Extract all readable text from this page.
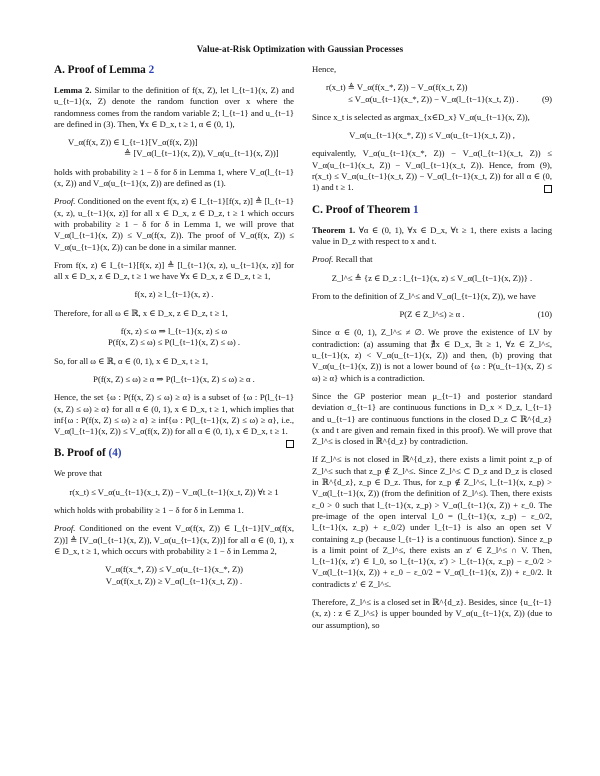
Value-at-Risk Optimization with Gaussian Processes
A. Proof of Lemma 2

Lemma 2. Similar to the definition of f(x, Z), let l_{t−1}(x, Z) and u_{t−1}(x, Z) denote the random function over x where the randomness comes from the random variable Z; l_{t−1} and u_{t−1} are defined in (3). Then, ∀x ∈ D_x, t ≥ 1, α ∈ (0, 1),

V_α(f(x, Z)) ∈ I_{t−1}[V_α(f(x, Z))]
≜ [V_α(l_{t−1}(x, Z)), V_α(u_{t−1}(x, Z))]

holds with probability ≥ 1 − δ for δ in Lemma 1, where V_α(l_{t−1}(x, Z)) and V_α(u_{t−1}(x, Z)) are defined as (1).

Proof. Conditioned on the event f(x, z) ∈ I_{t−1}[f(x, z)] ≜ [l_{t−1}(x, z), u_{t−1}(x, z)] for all x ∈ D_x, z ∈ D_z, t ≥ 1 which occurs with probability ≥ 1 − δ for δ in Lemma 1, we will prove that V_α(l_{t−1}(x, Z)) ≤ V_α(f(x, Z)). The proof of V_α(f(x, Z)) ≤ V_α(u_{t−1}(x, Z)) can be done in a similar manner.

From f(x, z) ∈ I_{t−1}[f(x, z)] ≜ [l_{t−1}(x, z), u_{t−1}(x, z)] for all x ∈ D_x, z ∈ D_z, t ≥ 1 we have ∀x ∈ D_x, z ∈ D_z, t ≥ 1,

f(x, z) ≥ l_{t−1}(x, z) .

Therefore, for all ω ∈ ℝ, x ∈ D_x, z ∈ D_z, t ≥ 1,

f(x, z) ≤ ω ⇒ l_{t−1}(x, z) ≤ ω
P(f(x, Z) ≤ ω) ≤ P(l_{t−1}(x, Z) ≤ ω) .

So, for all ω ∈ ℝ, α ∈ (0, 1), x ∈ D_x, t ≥ 1,

P(f(x, Z) ≤ ω) ≥ α ⇒ P(l_{t−1}(x, Z) ≤ ω) ≥ α .

Hence, the set {ω : P(f(x, Z) ≤ ω) ≥ α} is a subset of {ω : P(l_{t−1}(x, Z) ≤ ω) ≥ α} for all α ∈ (0, 1), x ∈ D_x, t ≥ 1, which implies that inf{ω : P(f(x, Z) ≤ ω) ≥ α} ≥ inf{ω : P(l_{t−1}(x, Z) ≤ ω) ≥ α}, i.e., V_α(l_{t−1}(x, Z)) ≤ V_α(f(x, Z)) for all α ∈ (0, 1), x ∈ D_x, t ≥ 1.

B. Proof of (4)

We prove that

r(x_t) ≤ V_α(u_{t−1}(x_t, Z)) − V_α(l_{t−1}(x_t, Z)) ∀t ≥ 1

which holds with probability ≥ 1 − δ for δ in Lemma 1.

Proof. Conditioned on the event V_α(f(x, Z)) ∈ I_{t−1}[V_α(f(x, Z))] ≜ [V_α(l_{t−1}(x, Z)), V_α(u_{t−1}(x, Z))] for all α ∈ (0, 1), x ∈ D_x, t ≥ 1, which occurs with probability ≥ 1 − δ in Lemma 2,

V_α(f(x_*, Z)) ≤ V_α(u_{t−1}(x_*, Z))
V_α(f(x_t, Z)) ≥ V_α(l_{t−1}(x_t, Z)) .

Hence,

r(x_t) ≜ V_α(f(x_*, Z)) − V_α(f(x_t, Z))
≤ V_α(u_{t−1}(x_*, Z)) − V_α(l_{t−1}(x_t, Z)) .	(9)

Since x_t is selected as argmax_{x∈D_x} V_α(u_{t−1}(x, Z)),

V_α(u_{t−1}(x_*, Z)) ≤ V_α(u_{t−1}(x_t, Z)) ,

equivalently, V_α(u_{t−1}(x_*, Z)) − V_α(l_{t−1}(x_t, Z)) ≤ V_α(u_{t−1}(x_t, Z)) − V_α(l_{t−1}(x_t, Z)). Hence, from (9), r(x_t) ≤ V_α(u_{t−1}(x_t, Z)) − V_α(l_{t−1}(x_t, Z)) for all α ∈ (0, 1) and t ≥ 1.

C. Proof of Theorem 1

Theorem 1. ∀α ∈ (0, 1), ∀x ∈ D_x, ∀t ≥ 1, there exists a lacing value in D_z with respect to x and t.

Proof. Recall that

Z_l^≤ ≜ {z ∈ D_z : l_{t−1}(x, z) ≤ V_α(l_{t−1}(x, Z))} .

From to the definition of Z_l^≤ and V_α(l_{t−1}(x, Z)), we have

P(Z ∈ Z_l^≤) ≥ α .	(10)

Since α ∈ (0, 1), Z_l^≤ ≠ ∅. We prove the existence of LV by contradiction: (a) assuming that ∄x ∈ D_x, ∃t ≥ 1, ∀z ∈ Z_l^≤, u_{t−1}(x, z) < V_α(u_{t−1}(x, Z)) and then, (b) proving that V_α(u_{t−1}(x, Z)) is not a lower bound of {ω : P(u_{t−1}(x, Z) ≤ ω) ≥ α} which is a contradiction.

Since the GP posterior mean μ_{t−1} and posterior standard deviation σ_{t−1} are continuous functions in D_x × D_z, l_{t−1} and u_{t−1} are continuous functions in the closed D_z ⊂ ℝ^{d_z} (x and t are given and remain fixed in this proof). We will prove that Z_l^≤ is closed in ℝ^{d_z} by contradiction.

If Z_l^≤ is not closed in ℝ^{d_z}, there exists a limit point z_p of Z_l^≤ such that z_p ∉ Z_l^≤. Since Z_l^≤ ⊂ D_z and D_z is closed in ℝ^{d_z}, z_p ∈ D_z. Thus, for z_p ∉ Z_l^≤, l_{t−1}(x, z_p) > V_α(l_{t−1}(x, Z)) (from the definition of Z_l^≤). Then, there exists ε_0 > 0 such that l_{t−1}(x, z_p) > V_α(l_{t−1}(x, Z)) + ε_0. The pre-image of the open interval I_0 = (l_{t−1}(x, z_p) − ε_0/2, l_{t−1}(x, z_p) + ε_0/2) under l_{t−1} is also an open set V containing z_p (because l_{t−1} is a continuous function). Since z_p is a limit point of Z_l^≤, there exists an z′ ∈ Z_l^≤ ∩ V. Then, l_{t−1}(x, z′) ∈ I_0, so l_{t−1}(x, z′) > l_{t−1}(x, z_p) − ε_0/2 > V_α(l_{t−1}(x, Z)) + ε_0 − ε_0/2 = V_α(l_{t−1}(x, Z)) + ε_0/2. It contradicts z′ ∈ Z_l^≤.

Therefore, Z_l^≤ is a closed set in ℝ^{d_z}. Besides, since {u_{t−1}(x, z) : z ∈ Z_l^≤} is upper bounded by V_α(u_{t−1}(x, Z)) (due to our assumption), so
